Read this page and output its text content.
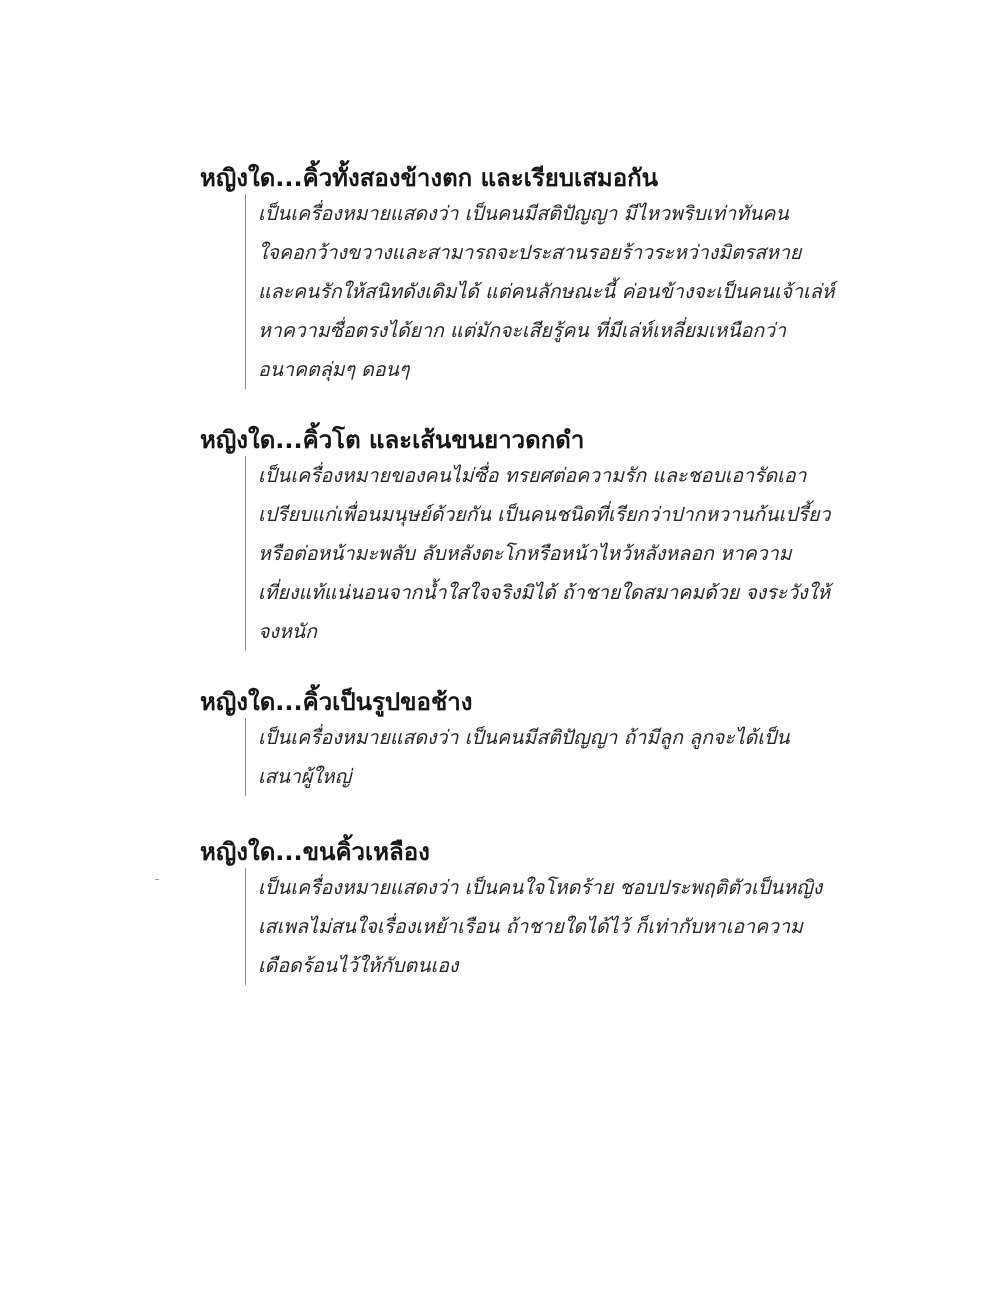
หญิงใด...คิ้วทั้งสองข้างตก และเรียบเสมอกัน

เป็นเครื่องหมายแสดงว่า เป็นคนมีสติปัญญา มีไหวพริบเท่าทันคน

ใจคอกว้างขวางและสามารถจะประสานรอยร้าวระหว่างมิตรสหาย

และคนรักให้สนิทดังเดิมได้ แต่คนลักษณะนี้ ค่อนข้างจะเป็นคนเจ้าเล่ห์

หาความซื่อตรงได้ยาก แต่มักจะเสียรู้คน ที่มีเล่ห์เหลี่ยมเหนือกว่า

อนาคตลุ่มๆ ดอนๆ

หญิงใด...คิ้วโต และเส้นขนยาวดกดำ

เป็นเครื่องหมายของคนไม่ซื่อ ทรยศต่อความรัก และชอบเอารัดเอา

เปรียบแก่เพื่อนมนุษย์ด้วยกัน เป็นคนชนิดที่เรียกว่าปากหวานก้นเปรี้ยว

หรือต่อหน้ามะพลับ ลับหลังตะโกหรือหน้าไหว้หลังหลอก หาความ

เที่ยงแท้แน่นอนจากน้ำใสใจจริงมิได้ ถ้าชายใดสมาคมด้วย จงระวังให้

จงหนัก

หญิงใด...คิ้วเป็นรูปขอช้าง

เป็นเครื่องหมายแสดงว่า เป็นคนมีสติปัญญา ถ้ามีลูก ลูกจะได้เป็น

เสนาผู้ใหญ่

หญิงใด...ขนคิ้วเหลือง

เป็นเครื่องหมายแสดงว่า เป็นคนใจโหดร้าย ชอบประพฤติตัวเป็นหญิง

เสเพลไม่สนใจเรื่องเหย้าเรือน ถ้าชายใดได้ไว้ ก็เท่ากับหาเอาความ

เดือดร้อนไว้ให้กับตนเอง
